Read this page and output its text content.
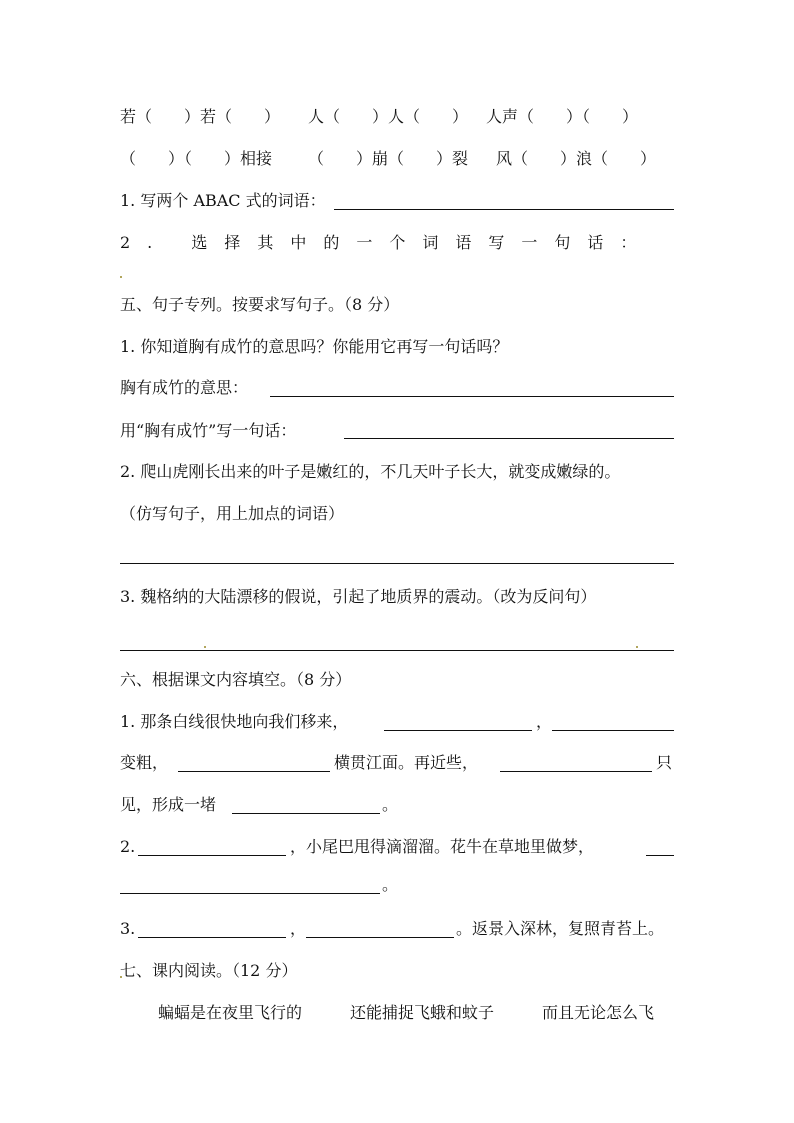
若（　　）若（　　） 人（　　）人（　　） 人声（　　）（　　）
（　　）（　　）相接 （　　）崩（　　）裂 风（　　）浪（　　）
1. 写两个 ABAC 式的词语：
2. 选择其中的一个词语写一句话：
五、句子专列。按要求写句子。（8 分）
1. 你知道胸有成竹的意思吗？你能用它再写一句话吗？
胸有成竹的意思：
用“胸有成竹”写一句话：
2. 爬山虎刚长出来的叶子是嫩红的，不几天叶子长大，就变成嫩绿的。
（仿写句子，用上加点的词语）
3. 魏格纳的大陆漂移的假说，引起了地质界的震动。（改为反问句）
六、根据课文内容填空。（8 分）
1. 那条白线很快地向我们移来，	，
变粗，	横贯江面。再近些，	只
见，形成一堵	。
2.	，小尾巴甩得滴溜溜。花牛在草地里做梦，
。
3.	，	。返景入深林，复照青苔上。
七、课内阅读。（12 分）
蝙蝠是在夜里飞行的	还能捕捉飞蛾和蚊子	而且无论怎么飞
